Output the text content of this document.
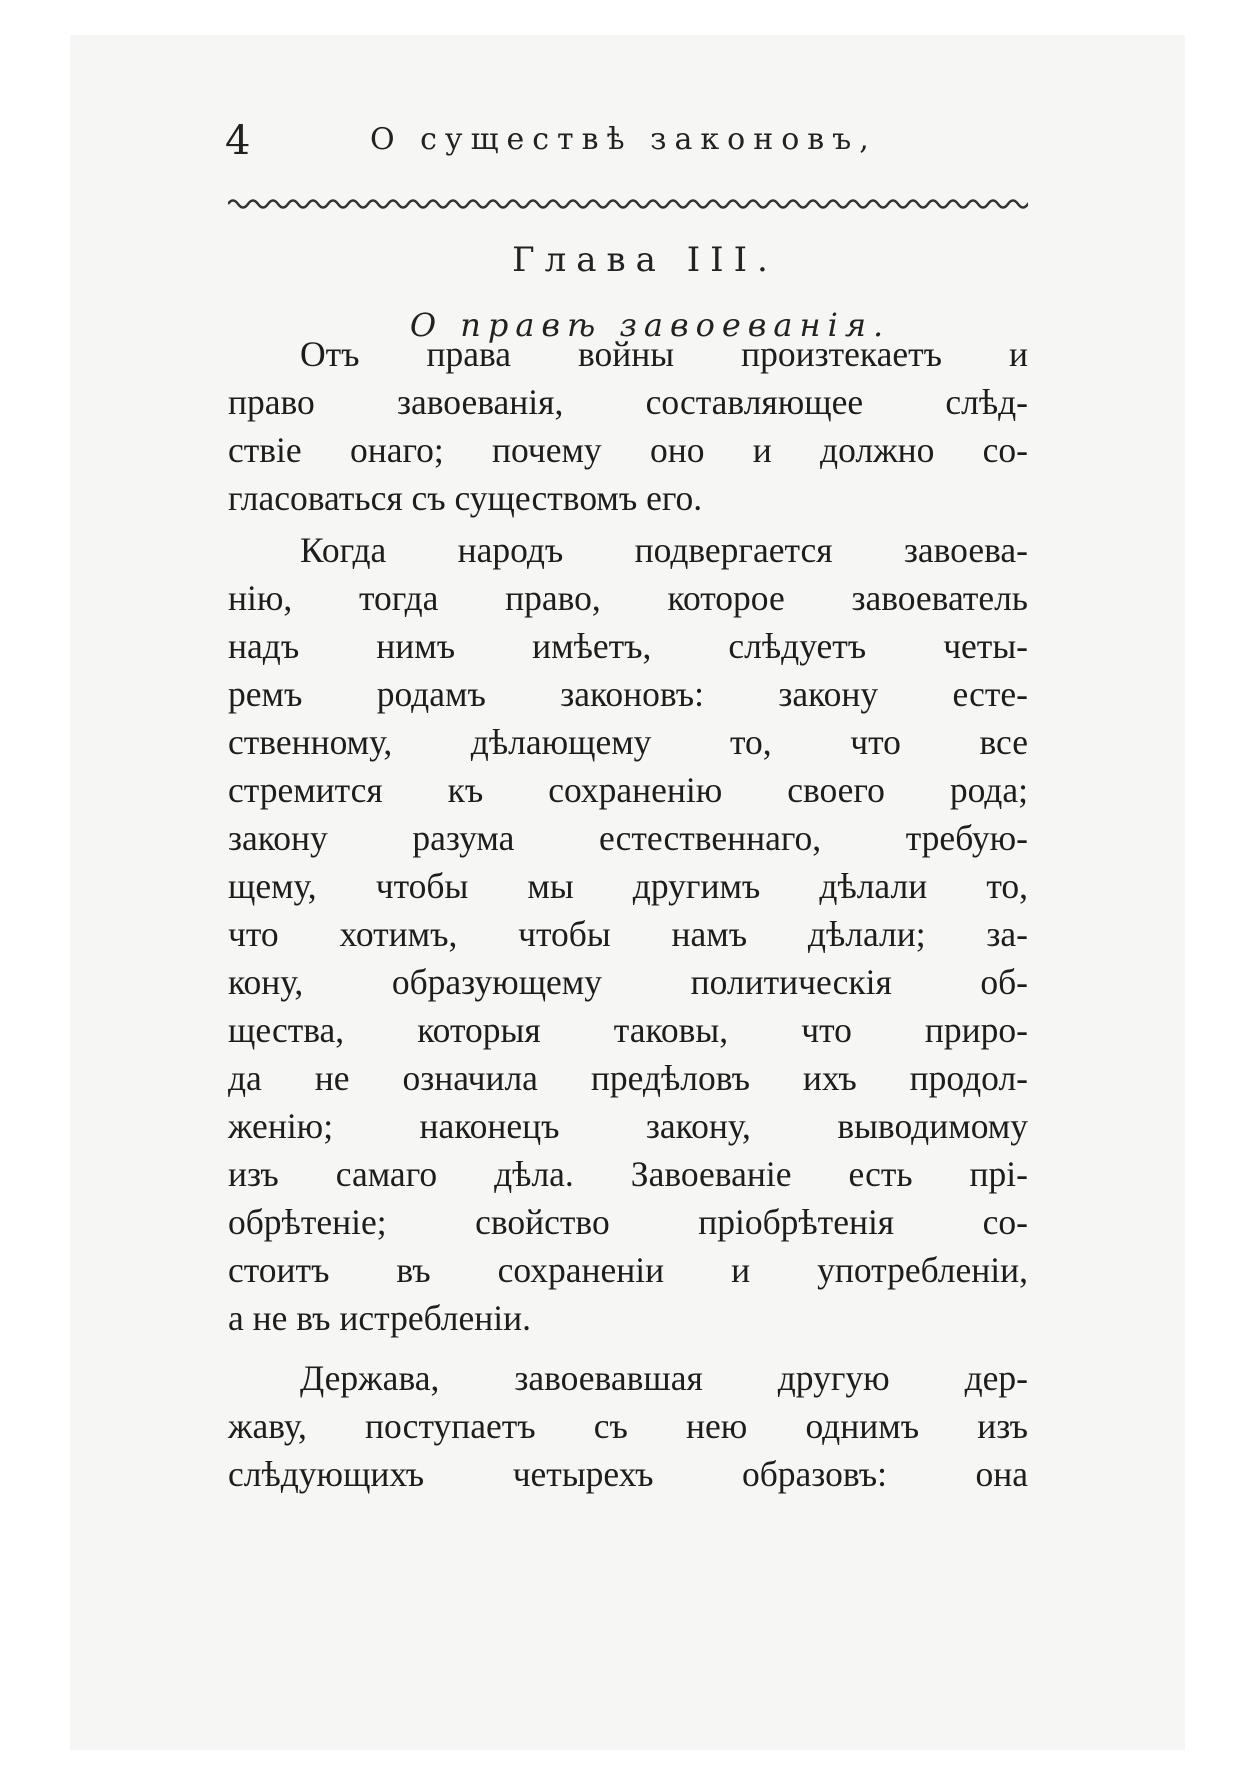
4	О существѣ законовъ,
Глава III.
О правѣ завоеванія.
Отъ права войны произтекаетъ и
право завоеванія, составляющее слѣд-
ствіе онаго; почему оно и должно со-
гласоваться съ существомъ его.
Когда народъ подвергается завоева-
нію, тогда право, которое завоеватель
надъ нимъ имѣетъ, слѣдуетъ четы-
ремъ родамъ законовъ: закону есте-
ственному, дѣлающему то, что все
стремится къ сохраненію своего рода;
закону разума естественнаго, требую-
щему, чтобы мы другимъ дѣлали то,
что хотимъ, чтобы намъ дѣлали; за-
кону, образующему политическія об-
щества, которыя таковы, что приро-
да не означила предѣловъ ихъ продол-
женію; наконецъ закону, выводимому
изъ самаго дѣла. Завоеваніе есть прі-
обрѣтеніе; свойство пріобрѣтенія со-
стоитъ въ сохраненіи и употребленіи,
а не въ истребленіи.
Держава, завоевавшая другую дер-
жаву, поступаетъ съ нею однимъ изъ
слѣдующихъ четырехъ образовъ: она
